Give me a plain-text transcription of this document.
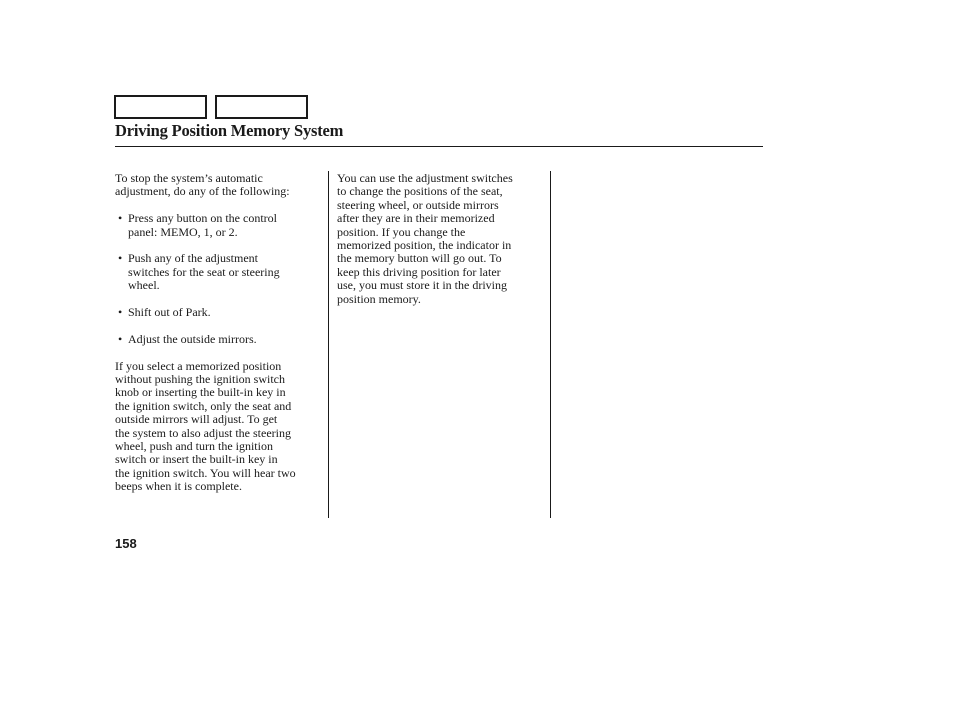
Driving Position Memory System

To stop the system’s automatic
adjustment, do any of the following:

• Press any button on the control
panel: MEMO, 1, or 2.
• Push any of the adjustment
switches for the seat or steering
wheel.
• Shift out of Park.
• Adjust the outside mirrors.

If you select a memorized position
without pushing the ignition switch
knob or inserting the built-in key in
the ignition switch, only the seat and
outside mirrors will adjust. To get
the system to also adjust the steering
wheel, push and turn the ignition
switch or insert the built-in key in
the ignition switch. You will hear two
beeps when it is complete.

You can use the adjustment switches
to change the positions of the seat,
steering wheel, or outside mirrors
after they are in their memorized
position. If you change the
memorized position, the indicator in
the memory button will go out. To
keep this driving position for later
use, you must store it in the driving
position memory.

158
